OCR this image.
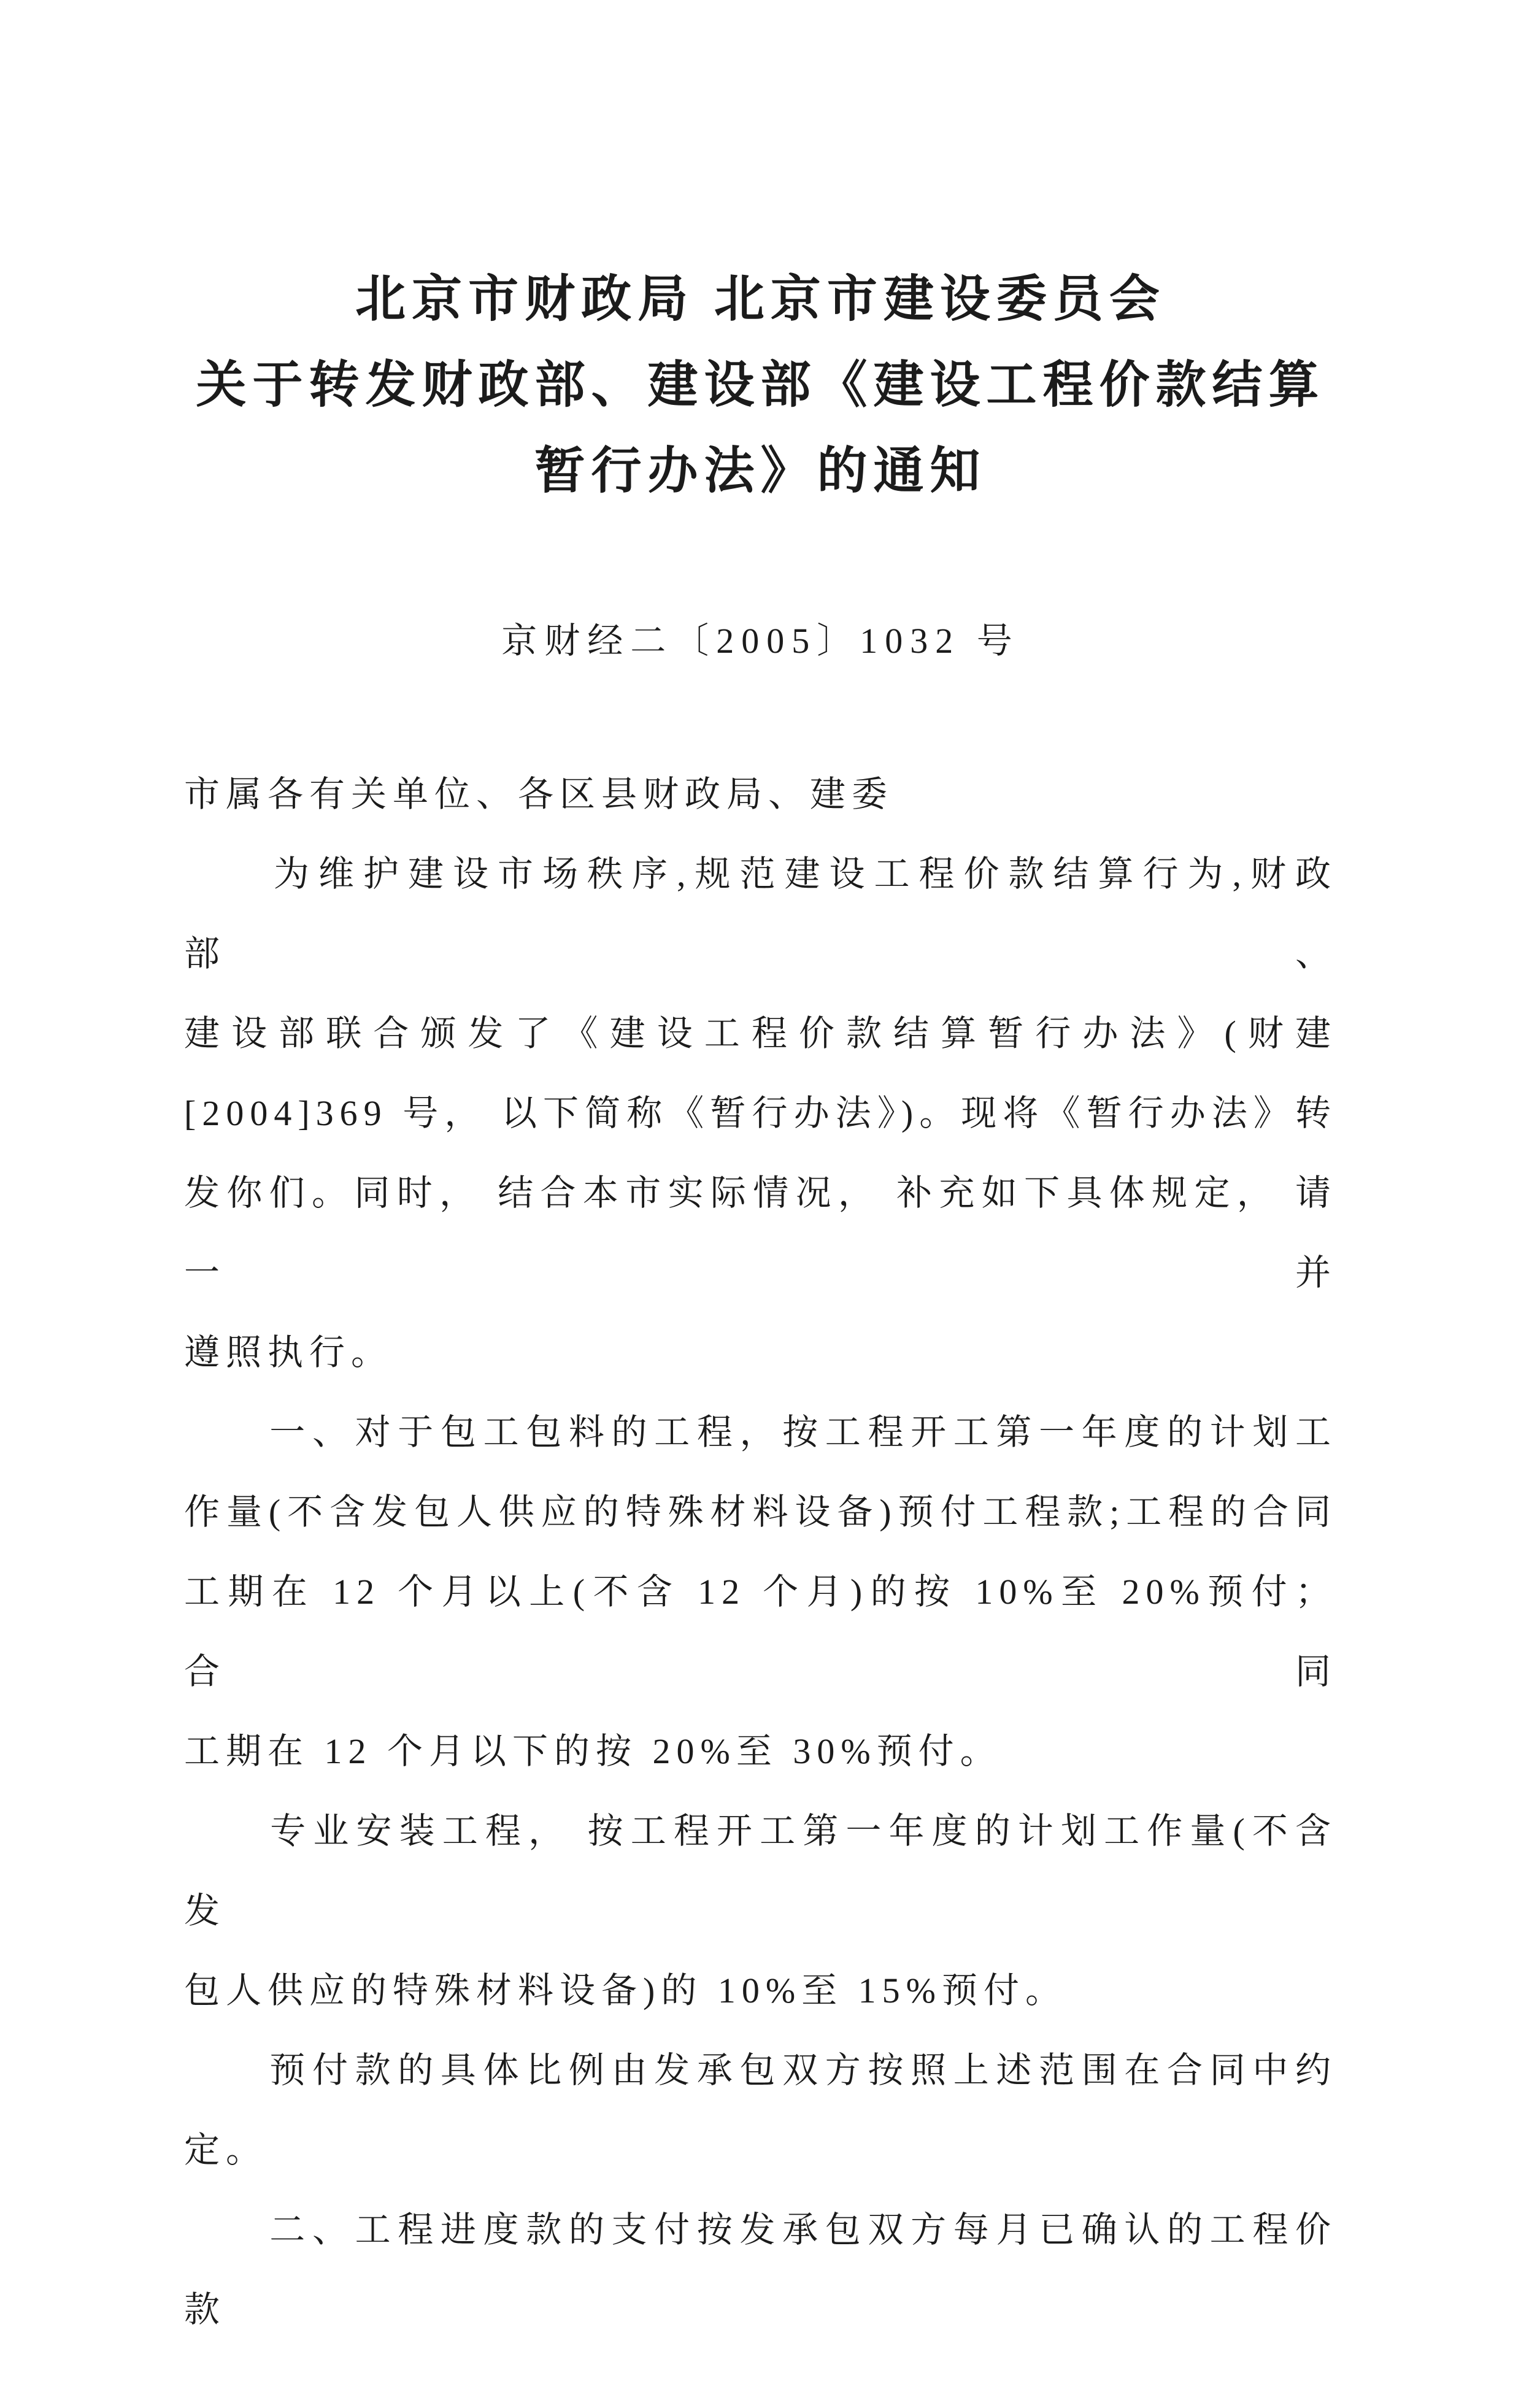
北京市财政局 北京市建设委员会
关于转发财政部、建设部《建设工程价款结算
暂行办法》的通知
京财经二〔2005〕1032 号
市属各有关单位、各区县财政局、建委
　　为维护建设市场秩序,规范建设工程价款结算行为,财政部、
建设部联合颁发了《建设工程价款结算暂行办法》(财建
[2004]369 号， 以下简称《暂行办法》)。现将《暂行办法》转
发你们。同时， 结合本市实际情况， 补充如下具体规定， 请一并
遵照执行。
　　一、对于包工包料的工程，按工程开工第一年度的计划工
作量(不含发包人供应的特殊材料设备)预付工程款;工程的合同
工期在 12 个月以上(不含 12 个月)的按 10%至 20%预付； 合同
工期在 12 个月以下的按 20%至 30%预付。
　　专业安装工程， 按工程开工第一年度的计划工作量(不含发
包人供应的特殊材料设备)的 10%至 15%预付。
　　预付款的具体比例由发承包双方按照上述范围在合同中约
定。
　　二、工程进度款的支付按发承包双方每月已确认的工程价款
